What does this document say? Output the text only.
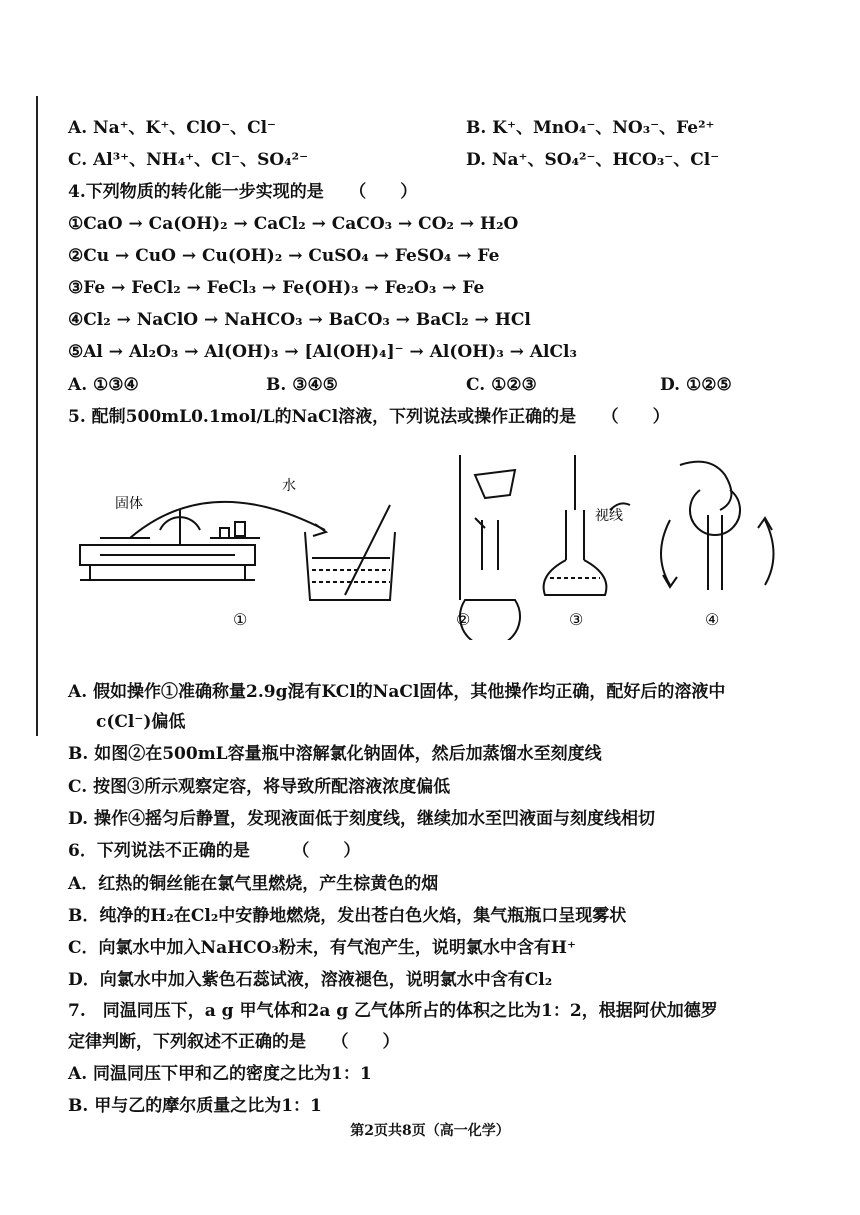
A. Na⁺、K⁺、ClO⁻、Cl⁻	B. K⁺、MnO₄⁻、NO₃⁻、Fe²⁺
C. Al³⁺、NH₄⁺、Cl⁻、SO₄²⁻	D. Na⁺、SO₄²⁻、HCO₃⁻、Cl⁻
4.下列物质的转化能一步实现的是　　（　　）
①CaO → Ca(OH)₂ → CaCl₂ → CaCO₃ → CO₂ → H₂O
②Cu → CuO → Cu(OH)₂ → CuSO₄ → FeSO₄ → Fe
③Fe → FeCl₂ → FeCl₃ → Fe(OH)₃ → Fe₂O₃ → Fe
④Cl₂ → NaClO → NaHCO₃ → BaCO₃ → BaCl₂ → HCl
⑤Al → Al₂O₃ → Al(OH)₃ → [Al(OH)₄]⁻ → Al(OH)₃ → AlCl₃
A. ①③④	B. ③④⑤	C. ①②③	D. ①②⑤
5. 配制500mL0.1mol/L的NaCl溶液，下列说法或操作正确的是　　（　　）
固体
水
视线
①	②	③	④
A. 假如操作①准确称量2.9g混有KCl的NaCl固体，其他操作均正确，配好后的溶液中
c(Cl⁻)偏低
B. 如图②在500mL容量瓶中溶解氯化钠固体，然后加蒸馏水至刻度线
C. 按图③所示观察定容，将导致所配溶液浓度偏低
D. 操作④摇匀后静置，发现液面低于刻度线，继续加水至凹液面与刻度线相切
6．下列说法不正确的是　　　（　　）
A．红热的铜丝能在氯气里燃烧，产生棕黄色的烟
B．纯净的H₂在Cl₂中安静地燃烧，发出苍白色火焰，集气瓶瓶口呈现雾状
C．向氯水中加入NaHCO₃粉末，有气泡产生，说明氯水中含有H⁺
D．向氯水中加入紫色石蕊试液，溶液褪色，说明氯水中含有Cl₂
7.　同温同压下，a g 甲气体和2a g 乙气体所占的体积之比为1：2，根据阿伏加德罗
定律判断，下列叙述不正确的是　　（　　）
A. 同温同压下甲和乙的密度之比为1：1
B. 甲与乙的摩尔质量之比为1：1
第2页共8页（高一化学）
